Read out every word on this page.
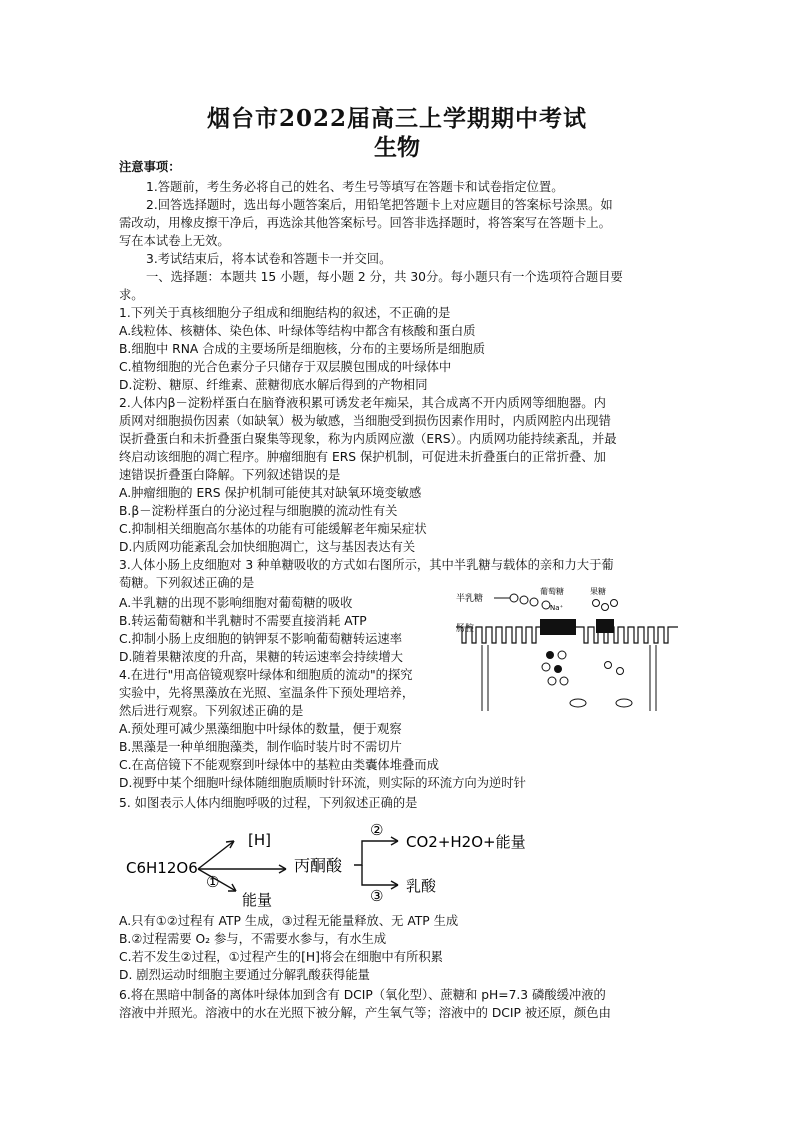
烟台市2022届高三上学期期中考试
生物
注意事项：
1.答题前，考生务必将自己的姓名、考生号等填写在答题卡和试卷指定位置。
2.回答选择题时，选出每小题答案后，用铅笔把答题卡上对应题目的答案标号涂黑。如
需改动，用橡皮擦干净后，再选涂其他答案标号。回答非选择题时，将答案写在答题卡上。
写在本试卷上无效。
3.考试结束后，将本试卷和答题卡一并交回。
一、选择题：本题共 15 小题，每小题 2 分，共 30分。每小题只有一个选项符合题目要
求。
1.下列关于真核细胞分子组成和细胞结构的叙述，不正确的是
A.线粒体、核糖体、染色体、叶绿体等结构中都含有核酸和蛋白质
B.细胞中 RNA 合成的主要场所是细胞核，分布的主要场所是细胞质
C.植物细胞的光合色素分子只储存于双层膜包围成的叶绿体中
D.淀粉、糖原、纤维素、蔗糖彻底水解后得到的产物相同
2.人体内β－淀粉样蛋白在脑脊液积累可诱发老年痴呆，其合成离不开内质网等细胞器。内
质网对细胞损伤因素（如缺氧）极为敏感，当细胞受到损伤因素作用时，内质网腔内出现错
误折叠蛋白和未折叠蛋白聚集等现象，称为内质网应激（ERS）。内质网功能持续紊乱，并最
终启动该细胞的凋亡程序。肿瘤细胞有 ERS 保护机制，可促进未折叠蛋白的正常折叠、加
速错误折叠蛋白降解。下列叙述错误的是
A.肿瘤细胞的 ERS 保护机制可能使其对缺氧环境变敏感
B.β－淀粉样蛋白的分泌过程与细胞膜的流动性有关
C.抑制相关细胞高尔基体的功能有可能缓解老年痴呆症状
D.内质网功能紊乱会加快细胞凋亡，这与基因表达有关
3.人体小肠上皮细胞对 3 种单糖吸收的方式如右图所示，其中半乳糖与载体的亲和力大于葡
萄糖。下列叙述正确的是
A.半乳糖的出现不影响细胞对葡萄糖的吸收
B.转运葡萄糖和半乳糖时不需要直接消耗 ATP
C.抑制小肠上皮细胞的钠钾泵不影响葡萄糖转运速率
D.随着果糖浓度的升高，果糖的转运速率会持续增大
半乳糖
葡萄糖	果糖
Na⁺
肠腔
4.在进行"用高倍镜观察叶绿体和细胞质的流动"的探究
实验中，先将黑藻放在光照、室温条件下预处理培养，
然后进行观察。下列叙述正确的是
A.预处理可减少黑藻细胞中叶绿体的数量，便于观察
B.黑藻是一种单细胞藻类，制作临时装片时不需切片
C.在高倍镜下不能观察到叶绿体中的基粒由类囊体堆叠而成
D.视野中某个细胞叶绿体随细胞质顺时针环流，则实际的环流方向为逆时针
5. 如图表示人体内细胞呼吸的过程，下列叙述正确的是
C6H12O6
[H]
能量
①
丙酮酸
②
③
CO2+H2O+能量
乳酸
A.只有①②过程有 ATP 生成，③过程无能量释放、无 ATP 生成
B.②过程需要 O₂ 参与，不需要水参与，有水生成
C.若不发生②过程，①过程产生的[H]将会在细胞中有所积累
D. 剧烈运动时细胞主要通过分解乳酸获得能量
6.将在黑暗中制备的离体叶绿体加到含有 DCIP（氧化型）、蔗糖和 pH=7.3 磷酸缓冲液的
溶液中并照光。溶液中的水在光照下被分解，产生氧气等；溶液中的 DCIP 被还原，颜色由
